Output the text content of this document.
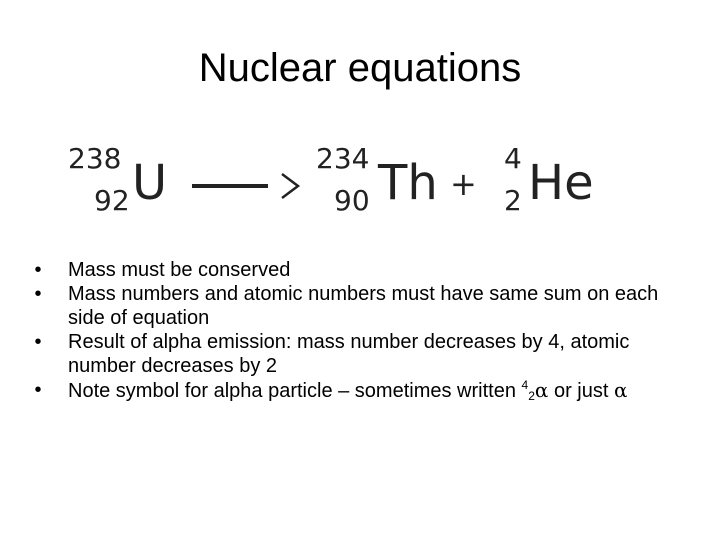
Nuclear equations
238
92 U	234
90 Th +
4
2 He
•	Mass must be conserved
•	Mass numbers and atomic numbers must have same sum on each side of equation
•	Result of alpha emission: mass number decreases by 4, atomic number decreases by 2
•	Note symbol for alpha particle – sometimes written $^4$2α or just α
